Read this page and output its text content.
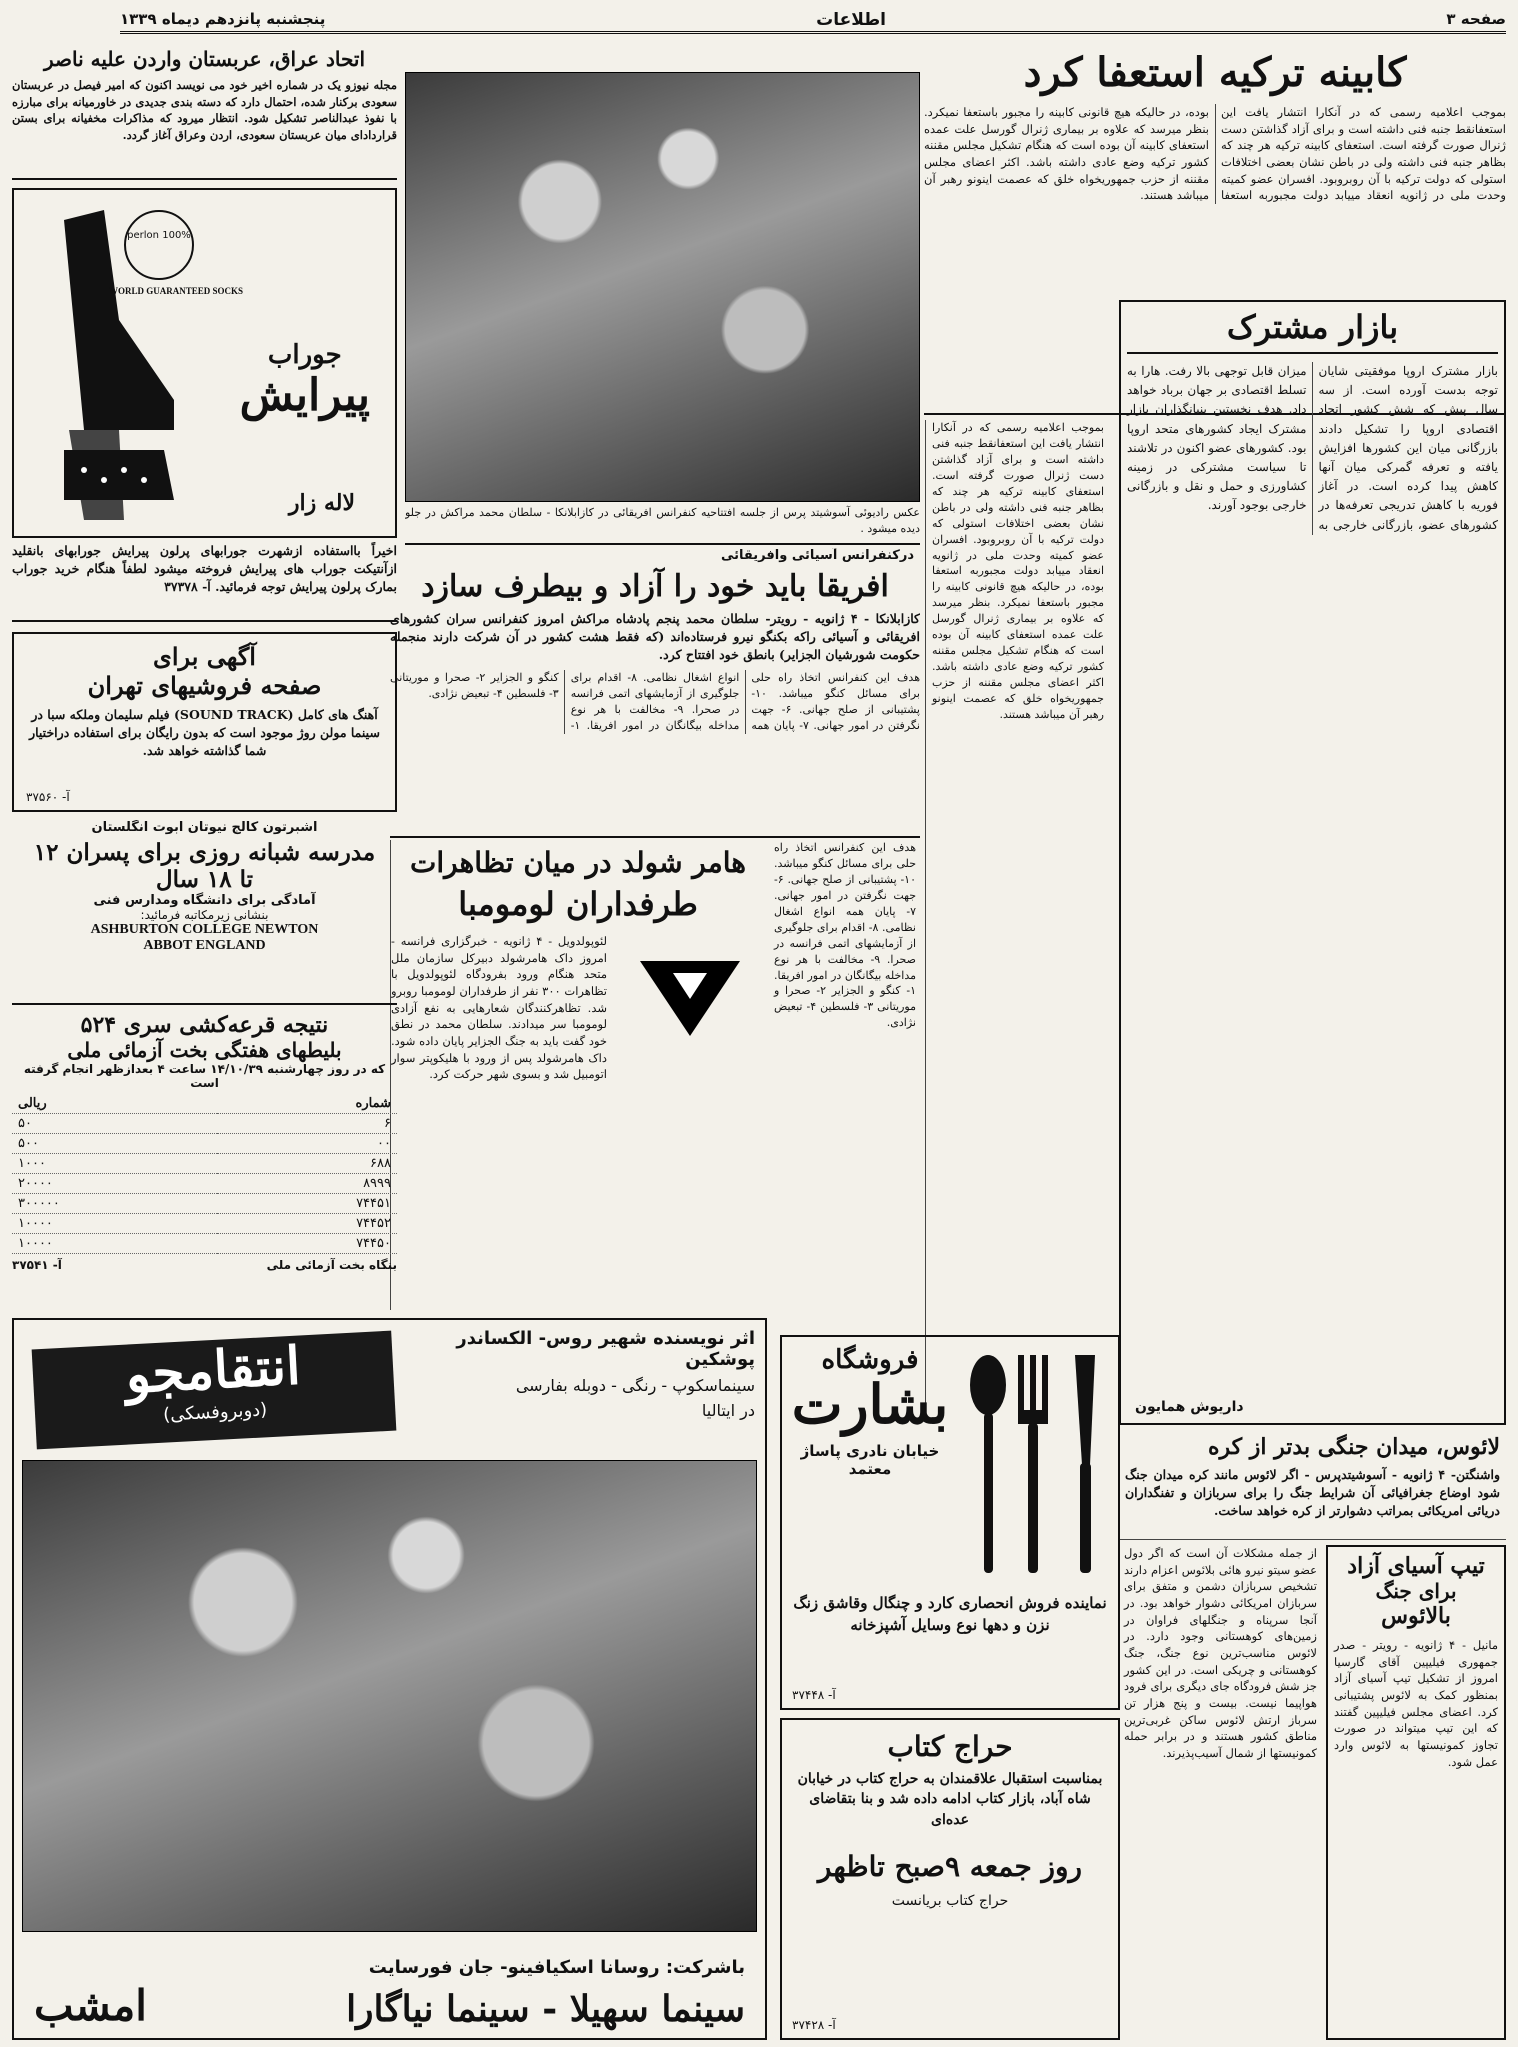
صفحه ۳
اطلاعات
پنجشنبه پانزدهم دیماه ۱۳۳۹
کابینه ترکیه استعفا کرد

بموجب اعلامیه رسمی که در آنکارا انتشار یافت این استعفانقط جنبه فنی داشته است و برای آزاد گذاشتن دست ژنرال صورت گرفته است. استعفای کابینه ترکیه هر چند که بظاهر جنبه فنی داشته ولی در باطن نشان بعضی اختلافات استولی که دولت ترکیه با آن روبروبود. افسران عضو کمیته وحدت ملی در ژانویه انعقاد مییابد دولت مجبوربه استعفا بوده، در حالیکه هیچ قانونی کابینه را مجبور باستعفا نمیکرد. بنظر میرسد که علاوه بر بیماری ژنرال گورسل علت عمده استعفای کابینه آن بوده است که هنگام تشکیل مجلس مقننه کشور ترکیه وضع عادی داشته باشد. اکثر اعضای مجلس مقننه از حزب جمهوریخواه خلق که عصمت اینونو رهبر آن میباشد هستند.

بازار مشترک

بازار مشترک اروپا موفقیتی شایان توجه بدست آورده است. از سه سال پیش که شش کشور اتحاد اقتصادی اروپا را تشکیل دادند بازرگانی میان این کشورها افزایش یافته و تعرفه گمرکی میان آنها کاهش پیدا کرده است. در آغاز فوریه با کاهش تدریجی تعرفه‌ها در کشورهای عضو، بازرگانی خارجی به میزان قابل توجهی بالا رفت. هارا به تسلط اقتصادی بر جهان برباد خواهد داد. هدف نخستین بنیانگذاران بازار مشترک ایجاد کشورهای متحد اروپا بود. کشورهای عضو اکنون در تلاشند تا سیاست مشترکی در زمینه کشاورزی و حمل و نقل و بازرگانی خارجی بوجود آورند.

داریوش همایون

بموجب اعلامیه رسمی که در آنکارا انتشار یافت این استعفانقط جنبه فنی داشته است و برای آزاد گذاشتن دست ژنرال صورت گرفته است. استعفای کابینه ترکیه هر چند که بظاهر جنبه فنی داشته ولی در باطن نشان بعضی اختلافات استولی که دولت ترکیه با آن روبروبود. افسران عضو کمیته وحدت ملی در ژانویه انعقاد مییابد دولت مجبوربه استعفا بوده، در حالیکه هیچ قانونی کابینه را مجبور باستعفا نمیکرد. بنظر میرسد که علاوه بر بیماری ژنرال گورسل علت عمده استعفای کابینه آن بوده است که هنگام تشکیل مجلس مقننه کشور ترکیه وضع عادی داشته باشد. اکثر اعضای مجلس مقننه از حزب جمهوریخواه خلق که عصمت اینونو رهبر آن میباشد هستند.

عکس رادیوئی آسوشیتد پرس از جلسه افتتاحیه کنفرانس افریقائی در کازابلانکا - سلطان محمد مراکش در جلو دیده میشود .

درکنفرانس آسیائی وافریقائی
افریقا باید خود را آزاد و بیطرف سازد

کازابلانکا - ۴ ژانویه - رویتر- سلطان محمد پنجم پادشاه مراکش امروز کنفرانس سران کشورهای افریقائی و آسیائی راکه بکنگو نیرو فرستاده‌اند (که فقط هشت کشور در آن شرکت دارند منجمله حکومت شورشیان الجزایر) بانطق خود افتتاح کرد.

هدف این کنفرانس اتخاذ راه حلی برای مسائل کنگو میباشد. ۱۰- پشتیبانی از صلح جهانی. ۶- جهت نگرفتن در امور جهانی. ۷- پایان همه انواع اشغال نظامی. ۸- اقدام برای جلوگیری از آزمایشهای اتمی فرانسه در صحرا. ۹- مخالفت با هر نوع مداخله بیگانگان در امور افریقا. ۱- کنگو و الجزایر ۲- صحرا و موریتانی ۳- فلسطین ۴- تبعیض نژادی.

هامر شولد در میان تظاهرات
طرفداران لومومبا

لئوپولدویل - ۴ ژانویه - خبرگزاری فرانسه - امروز داک هامرشولد دبیرکل سازمان ملل متحد هنگام ورود بفرودگاه لئوپولدویل با تظاهرات ۳۰۰ نفر از طرفداران لومومبا روبرو شد. تظاهرکنندگان شعارهایی به نفع آزادی لومومبا سر میدادند. سلطان محمد در نطق خود گفت باید به جنگ الجزایر پایان داده شود. داک هامرشولد پس از ورود با هلیکوپتر سوار اتومبیل شد و بسوی شهر حرکت کرد.

هدف این کنفرانس اتخاذ راه حلی برای مسائل کنگو میباشد. ۱۰- پشتیبانی از صلح جهانی. ۶- جهت نگرفتن در امور جهانی. ۷- پایان همه انواع اشغال نظامی. ۸- اقدام برای جلوگیری از آزمایشهای اتمی فرانسه در صحرا. ۹- مخالفت با هر نوع مداخله بیگانگان در امور افریقا. ۱- کنگو و الجزایر ۲- صحرا و موریتانی ۳- فلسطین ۴- تبعیض نژادی.

لائوس، میدان جنگی بدتر از کره

واشنگتن- ۴ ژانویه - آسوشیتدپرس - اگر لائوس مانند کره میدان جنگ شود اوضاع جغرافیائی آن شرایط جنگ را برای سربازان و تفنگداران دریائی امریکائی بمراتب دشوارتر از کره خواهد ساخت.

از جمله مشکلات آن است که اگر دول عضو سیتو نیرو هائی بلائوس اعزام دارند تشخیص سربازان دشمن و متفق برای سربازان امریکائی دشوار خواهد بود. در آنجا سرپناه و جنگلهای فراوان در زمین‌های کوهستانی وجود دارد. در لائوس مناسب‌ترین نوع جنگ، جنگ کوهستانی و چریکی است. در این کشور جز شش فرودگاه جای دیگری برای فرود هواپیما نیست. بیست و پنج هزار تن سرباز ارتش لائوس ساکن غربی‌ترین مناطق کشور هستند و در برابر حمله کمونیستها از شمال آسیب‌پذیرند.

تیپ آسیای آزاد
برای جنگ
بالائوس

مانیل - ۴ ژانویه - رویتر - صدر جمهوری فیلیپین آقای گارسیا امروز از تشکیل تیپ آسیای آزاد بمنظور کمک به لائوس پشتیبانی کرد. اعضای مجلس فیلیپین گفتند که این تیپ میتواند در صورت تجاوز کمونیستها به لائوس وارد عمل شود.

فروشگاه
بشارت
خیابان نادری پاساژ معتمد

نماینده فروش انحصاری کارد و چنگال وقاشق زنگ نزن و دهها نوع وسایل آشپزخانه

آ- ۳۷۴۴۸
حراج کتاب

بمناسبت استقبال علاقمندان به حراج کتاب در خیابان شاه آباد، بازار کتاب ادامه داده شد و بنا بتقاضای عده‌ای

روز جمعه ۹صبح تاظهر
حراج کتاب بریانست
آ- ۳۷۴۲۸
اثر نویسنده شهیر روس- الکساندر پوشکین
سینماسکوپ - رنگی - دوبله بفارسی
در ایتالیا
انتقامجو
(دوبروفسکی)
باشرکت: روسانا اسکیافینو- جان فورسایت
امشب	سینما سهیلا - سینما نیاگارا
اتحاد عراق، عربستان واردن علیه ناصر

مجله نیوزو یک در شماره اخیر خود می نویسد اکنون که امیر فیصل در عربستان سعودی برکنار شده، احتمال دارد که دسته بندی جدیدی در خاورمیانه برای مبارزه با نفوذ عبدالناصر تشکیل شود. انتظار میرود که مذاکرات مخفیانه برای بستن قراردادای میان عربستان سعودی، اردن وعراق آغاز گردد.

100% perlon
WORLD GUARANTEED SOCKS
جوراب
پیرایش
لاله زار

اخیراً بااستفاده ازشهرت جورابهای پرلون پیرایش جورابهای بانقلید ازآنتیکت جوراب های پیرایش فروخته میشود لطفاً هنگام خرید جوراب بمارک پرلون پیرایش توجه فرمائید. آ- ۳۷۳۷۸

آگهی برای
صفحه فروشیهای تهران

آهنگ های کامل (SOUND TRACK) فیلم سلیمان وملکه سبا در سینما مولن روژ موجود است که بدون رایگان برای استفاده دراختیار شما گذاشته خواهد شد.

آ- ۳۷۵۶۰
اشبرتون کالج نیوتان ابوت انگلستان
مدرسه شبانه روزی برای پسران ۱۲
تا ۱۸ سال
آمادگی برای دانشگاه ومدارس فنی
بنشانی زیرمکاتبه فرمائید:
ASHBURTON COLLEGE NEWTON
ABBOT ENGLAND
نتیجه قرعه‌کشی سری ۵۲۴
بلیطهای هفتگی بخت آزمائی ملی
که در روز چهارشنبه ۱۴/۱۰/۳۹ ساعت ۴ بعدازظهر انجام گرفته است
شماره	ریالی
۶	۵۰
۰۰	۵۰۰
۶۸۸	۱۰۰۰
۸۹۹۹	۲۰۰۰۰
۷۴۴۵۱	۳۰۰۰۰۰
۷۴۴۵۲	۱۰۰۰۰
۷۴۴۵۰	۱۰۰۰۰
بنگاه بخت آزمائی ملی
آ- ۳۷۵۴۱
